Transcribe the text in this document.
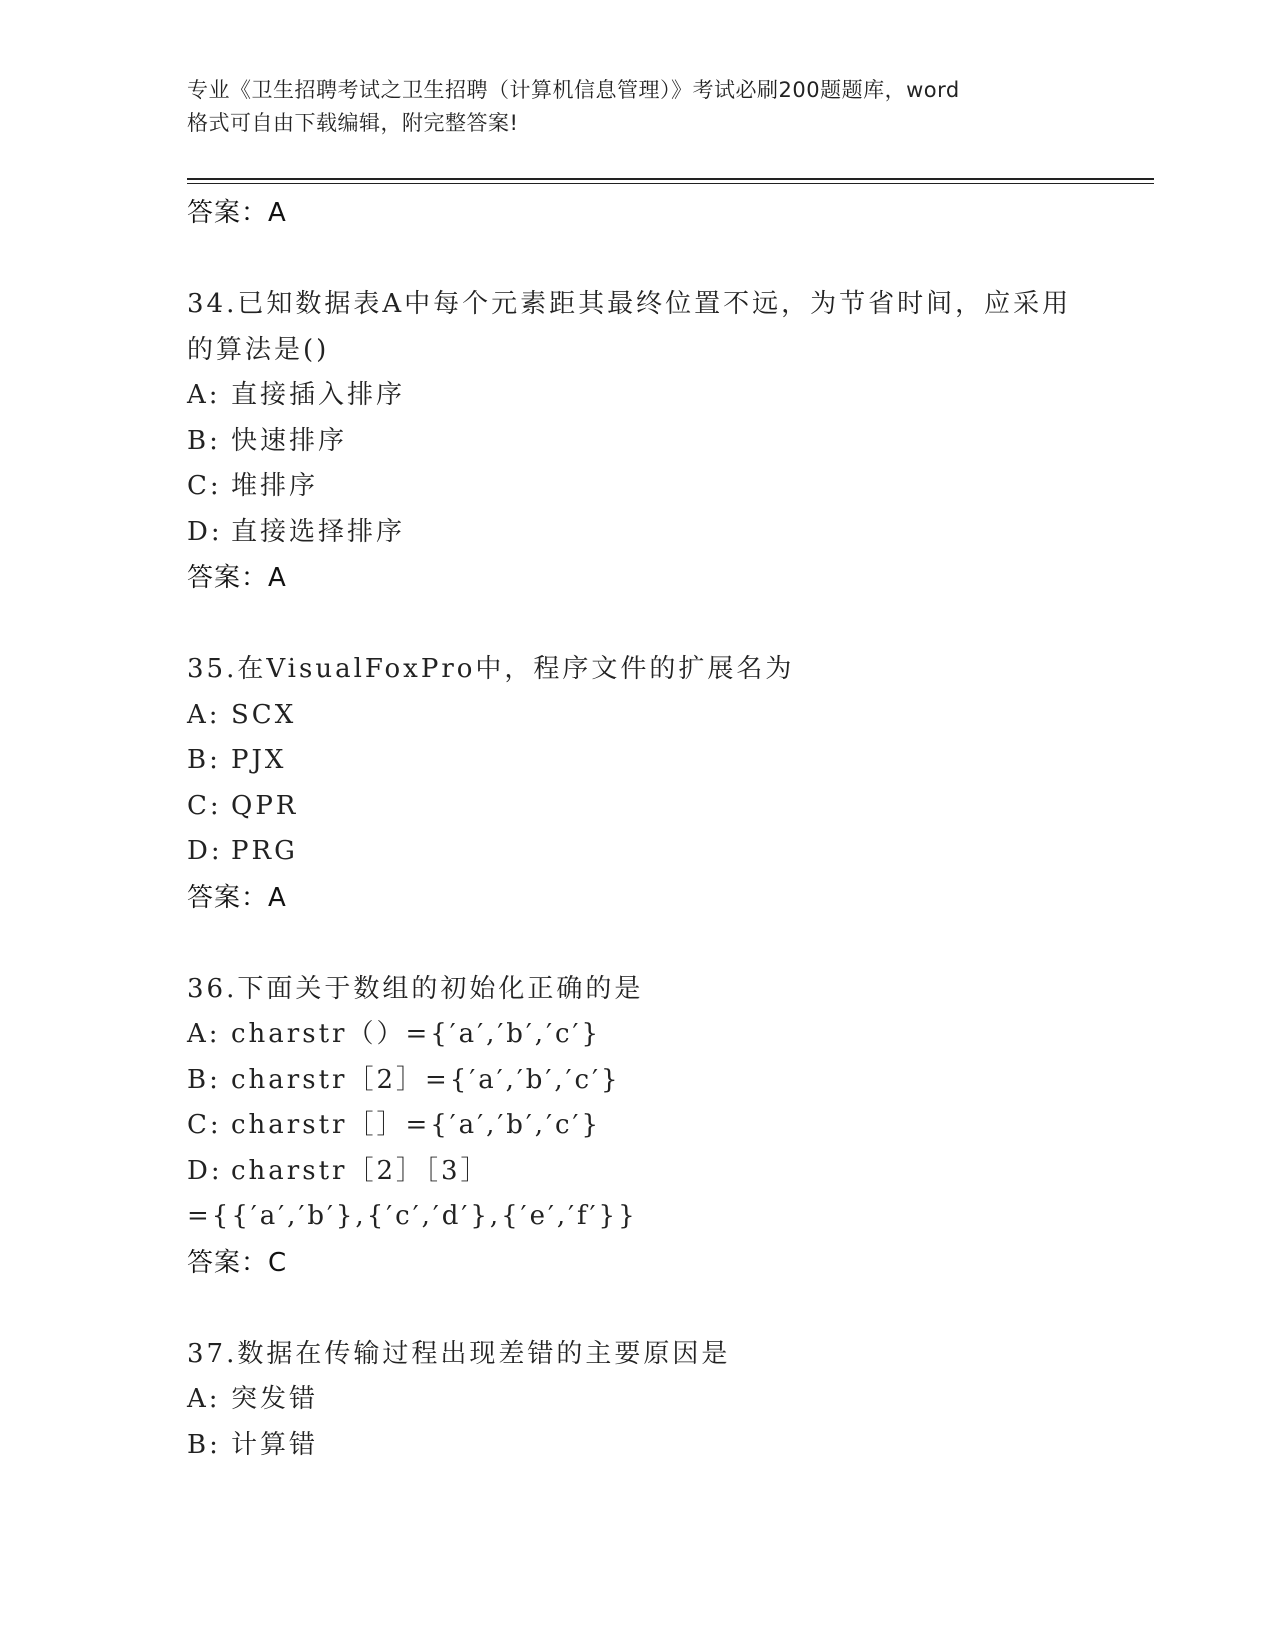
专业《卫生招聘考试之卫生招聘（计算机信息管理）》考试必刷200题题库，word
格式可自由下载编辑，附完整答案!
答案：A
34.已知数据表A中每个元素距其最终位置不远，为节省时间，应采用
的算法是()
A: 直接插入排序
B: 快速排序
C: 堆排序
D: 直接选择排序
答案：A
35.在VisualFoxPro中，程序文件的扩展名为
A: SCX
B: PJX
C: QPR
D: PRG
答案：A
36.下面关于数组的初始化正确的是
A: charstr（）={′a′,′b′,′c′}
B: charstr［2］={′a′,′b′,′c′}
C: charstr［］={′a′,′b′,′c′}
D: charstr［2］［3］
={{′a′,′b′},{′c′,′d′},{′e′,′f′}}
答案：C
37.数据在传输过程出现差错的主要原因是
A: 突发错
B: 计算错
